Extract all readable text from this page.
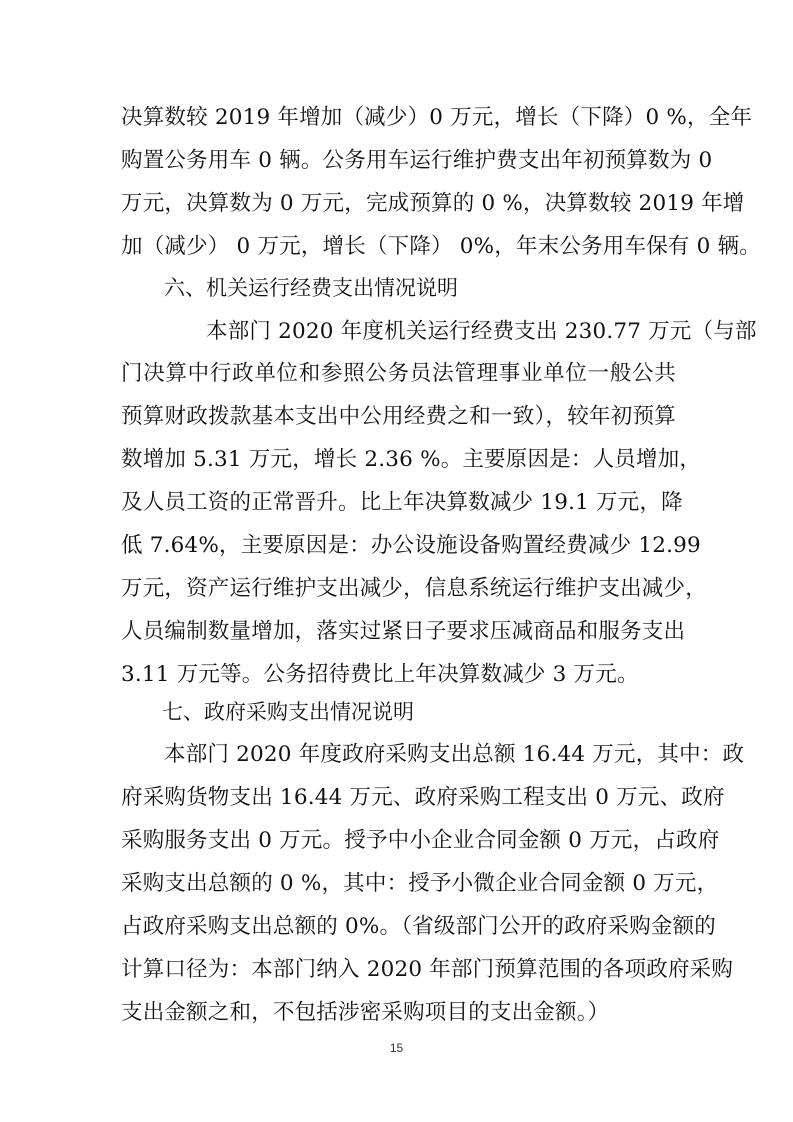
决算数较 2019 年增加（减少）0 万元，增长（下降）0 %，全年
购置公务用车 0 辆。公务用车运行维护费支出年初预算数为 0
万元，决算数为 0 万元，完成预算的 0 %，决算数较 2019 年增
加（减少） 0 万元，增长（下降） 0%，年末公务用车保有 0 辆。
六、机关运行经费支出情况说明
本部门 2020 年度机关运行经费支出 230.77 万元（与部
门决算中行政单位和参照公务员法管理事业单位一般公共
预算财政拨款基本支出中公用经费之和一致），较年初预算
数增加 5.31 万元，增长 2.36 %。主要原因是：人员增加，
及人员工资的正常晋升。比上年决算数减少 19.1 万元，降
低 7.64%，主要原因是：办公设施设备购置经费减少 12.99
万元，资产运行维护支出减少，信息系统运行维护支出减少，
人员编制数量增加，落实过紧日子要求压减商品和服务支出
3.11 万元等。公务招待费比上年决算数减少 3 万元。
七、政府采购支出情况说明
本部门 2020 年度政府采购支出总额 16.44 万元，其中：政
府采购货物支出 16.44 万元、政府采购工程支出 0 万元、政府
采购服务支出 0 万元。授予中小企业合同金额 0 万元，占政府
采购支出总额的 0 %，其中：授予小微企业合同金额 0 万元，
占政府采购支出总额的 0%。（省级部门公开的政府采购金额的
计算口径为：本部门纳入 2020 年部门预算范围的各项政府采购
支出金额之和，不包括涉密采购项目的支出金额。）
15
